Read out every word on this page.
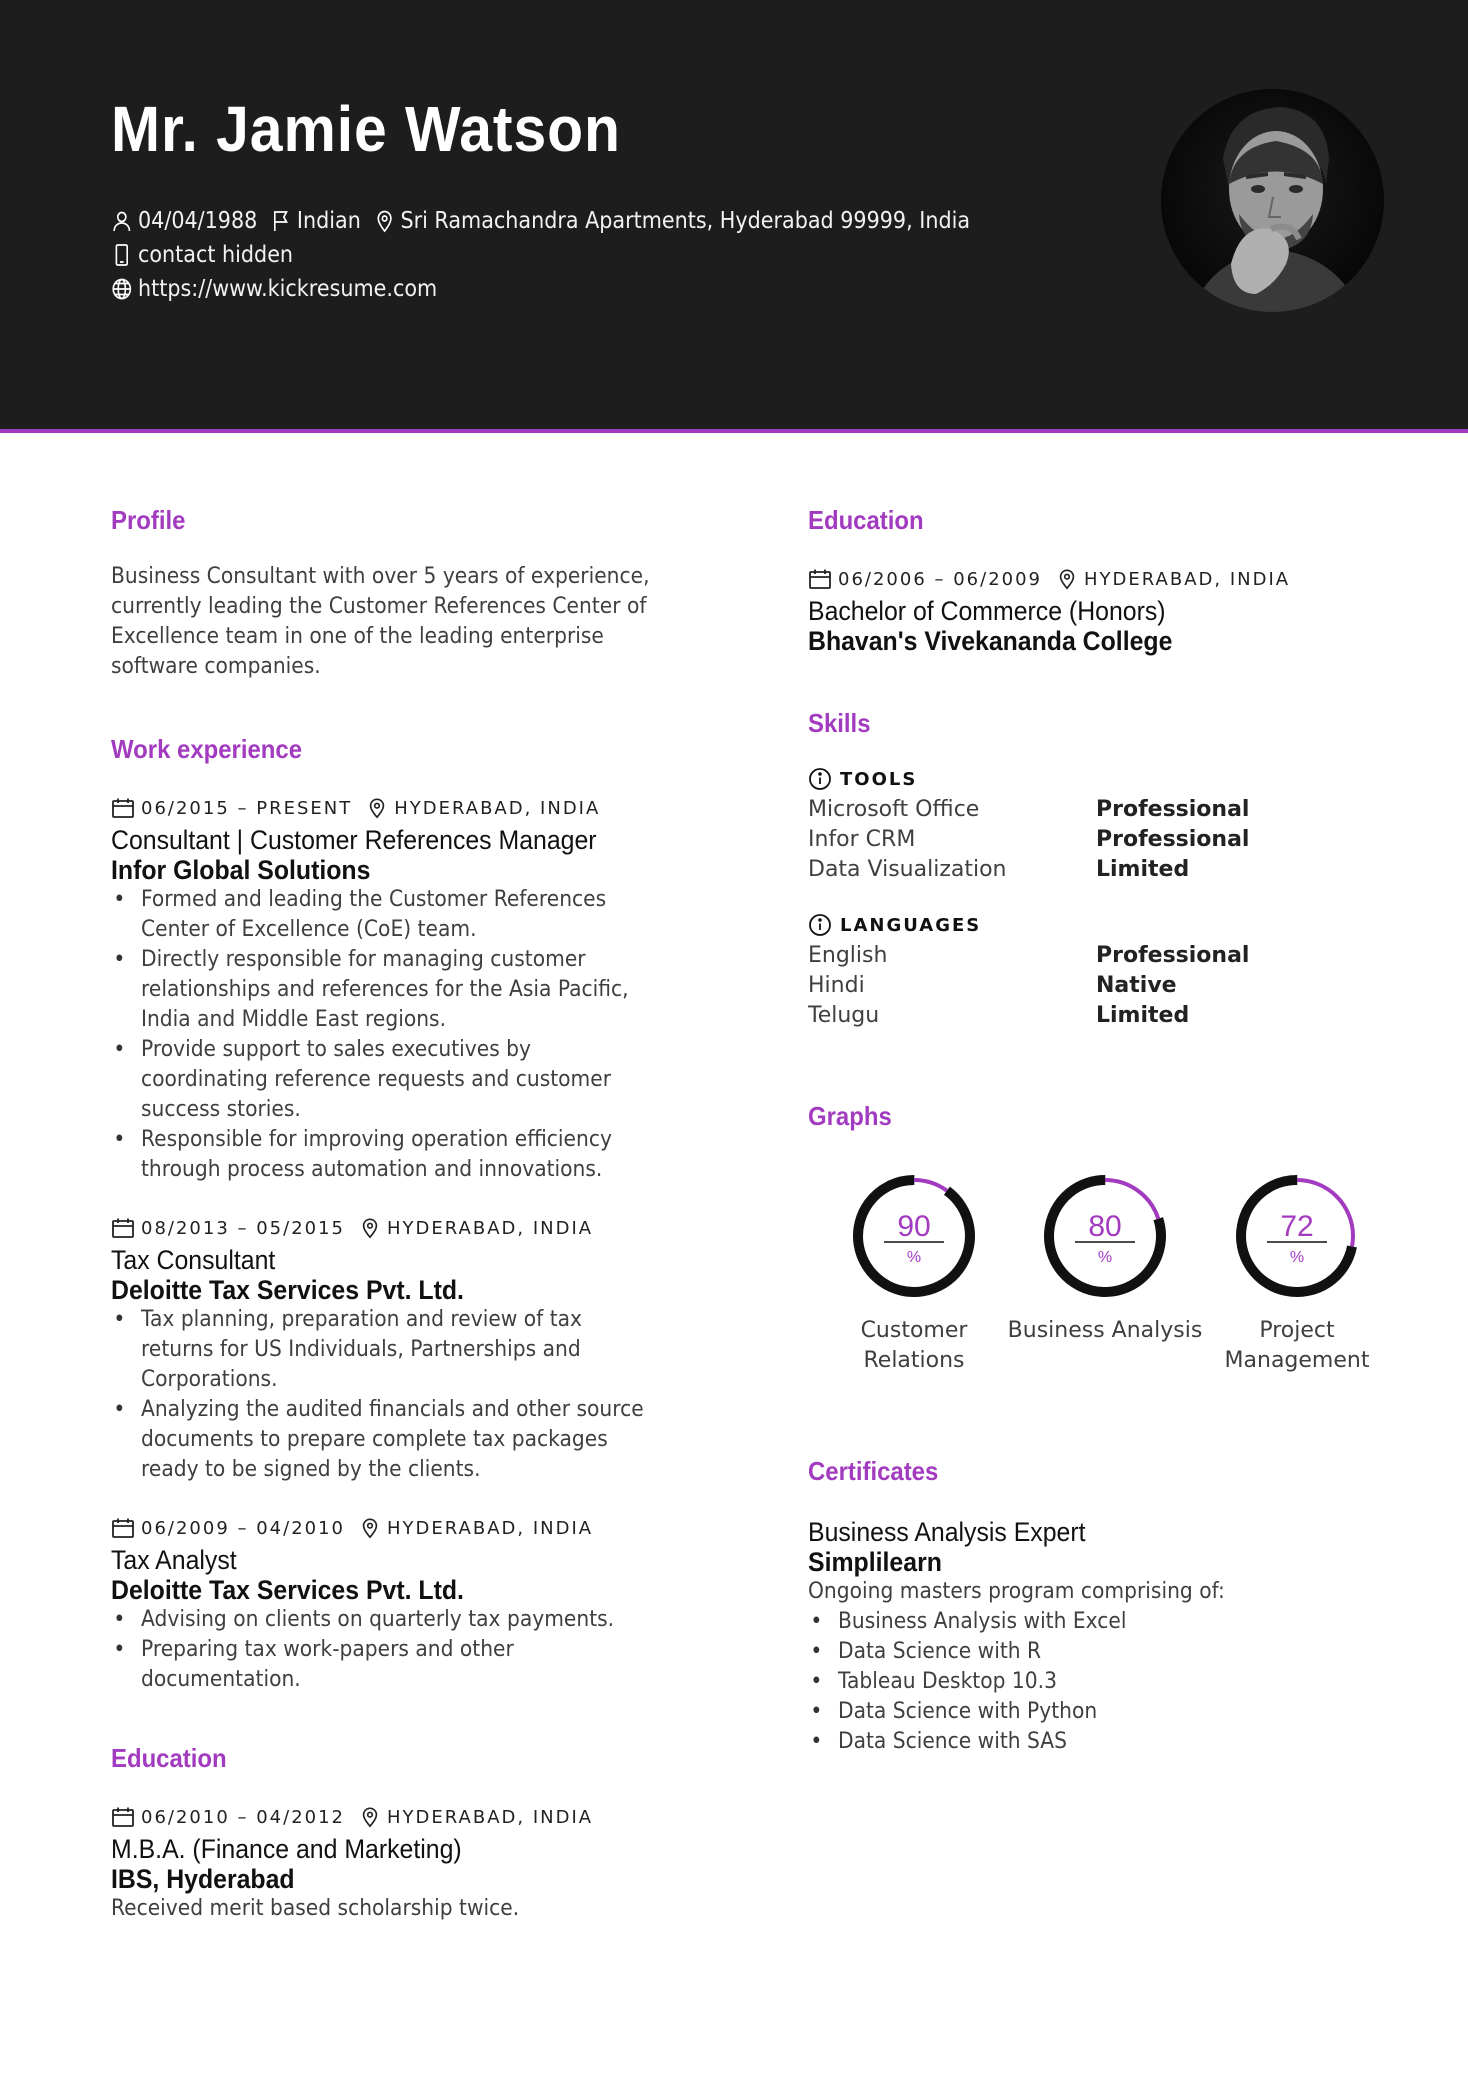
Mr. Jamie Watson
04/04/1988 Indian Sri Ramachandra Apartments, Hyderabad 99999, India
contact hidden
https://www.kickresume.com
Profile

Business Consultant with over 5 years of experience, currently leading the Customer References Center of Excellence team in one of the leading enterprise software companies.

Work experience
06/2015 – PRESENT HYDERABAD, INDIA
Consultant | Customer References Manager
Infor Global Solutions
• Formed and leading the Customer References Center of Excellence (CoE) team.
• Directly responsible for managing customer relationships and references for the Asia Pacific, India and Middle East regions.
• Provide support to sales executives by coordinating reference requests and customer success stories.
• Responsible for improving operation efficiency through process automation and innovations.
08/2013 – 05/2015 HYDERABAD, INDIA
Tax Consultant
Deloitte Tax Services Pvt. Ltd.
• Tax planning, preparation and review of tax returns for US Individuals, Partnerships and Corporations.
• Analyzing the audited financials and other source documents to prepare complete tax packages ready to be signed by the clients.
06/2009 – 04/2010 HYDERABAD, INDIA
Tax Analyst
Deloitte Tax Services Pvt. Ltd.
• Advising on clients on quarterly tax payments.
• Preparing tax work-papers and other documentation.
Education
06/2010 – 04/2012 HYDERABAD, INDIA
M.B.A. (Finance and Marketing)
IBS, Hyderabad

Received merit based scholarship twice.

Education
06/2006 – 06/2009 HYDERABAD, INDIA
Bachelor of Commerce (Honors)
Bhavan's Vivekananda College
Skills
TOOLS
Microsoft Office	Professional
Infor CRM	Professional
Data Visualization	Limited
LANGUAGES
English	Professional
Hindi	Native
Telugu	Limited
Graphs
90
%
Customer Relations
80
%
Business Analysis
72
%
Project Management
Certificates
Business Analysis Expert
Simplilearn

Ongoing masters program comprising of:

• Business Analysis with Excel
• Data Science with R
• Tableau Desktop 10.3
• Data Science with Python
• Data Science with SAS
